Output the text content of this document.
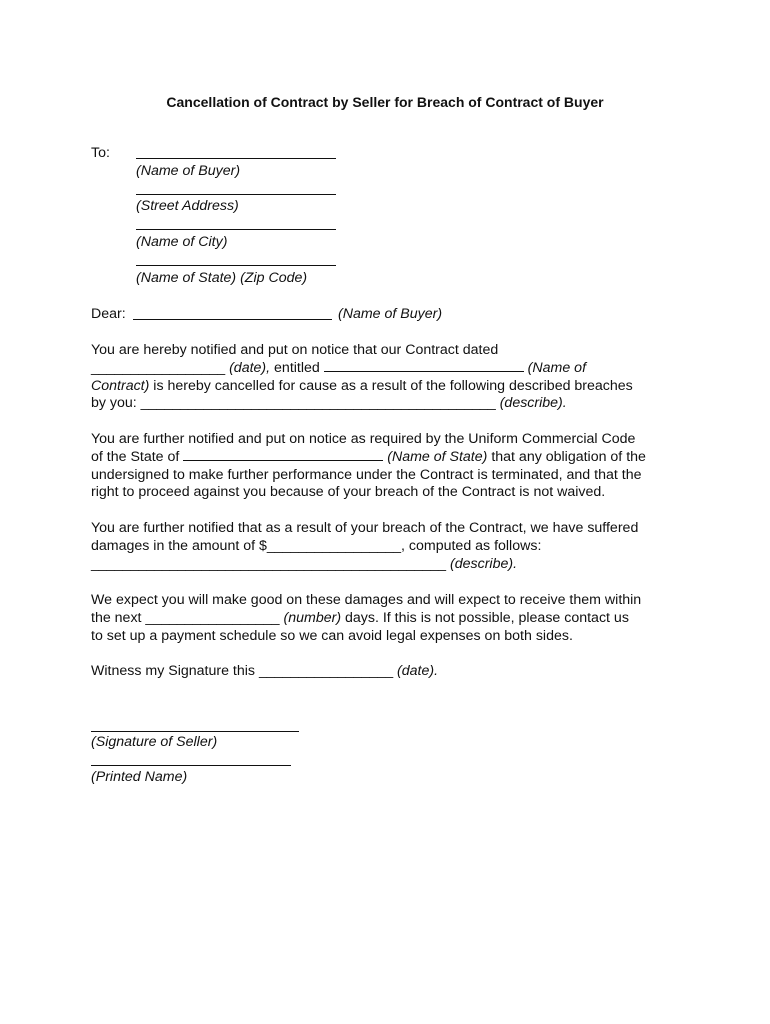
Cancellation of Contract by Seller for Breach of Contract of Buyer
To:
(Name of Buyer)
(Street Address)
(Name of City)
(Name of State) (Zip Code)
Dear:	(Name of Buyer)
You are hereby notified and put on notice that our Contract dated
_________________ (date), entitled	(Name of
Contract) is hereby cancelled for cause as a result of the following described breaches
by you: _____________________________________________ (describe).
You are further notified and put on notice as required by the Uniform Commercial Code
of the State of	(Name of State) that any obligation of the
undersigned to make further performance under the Contract is terminated, and that the
right to proceed against you because of your breach of the Contract is not waived.
You are further notified that as a result of your breach of the Contract, we have suffered
damages in the amount of $_________________, computed as follows:
_____________________________________________ (describe).
We expect you will make good on these damages and will expect to receive them within
the next _________________ (number) days. If this is not possible, please contact us
to set up a payment schedule so we can avoid legal expenses on both sides.
Witness my Signature this _________________ (date).
(Signature of Seller)
(Printed Name)
